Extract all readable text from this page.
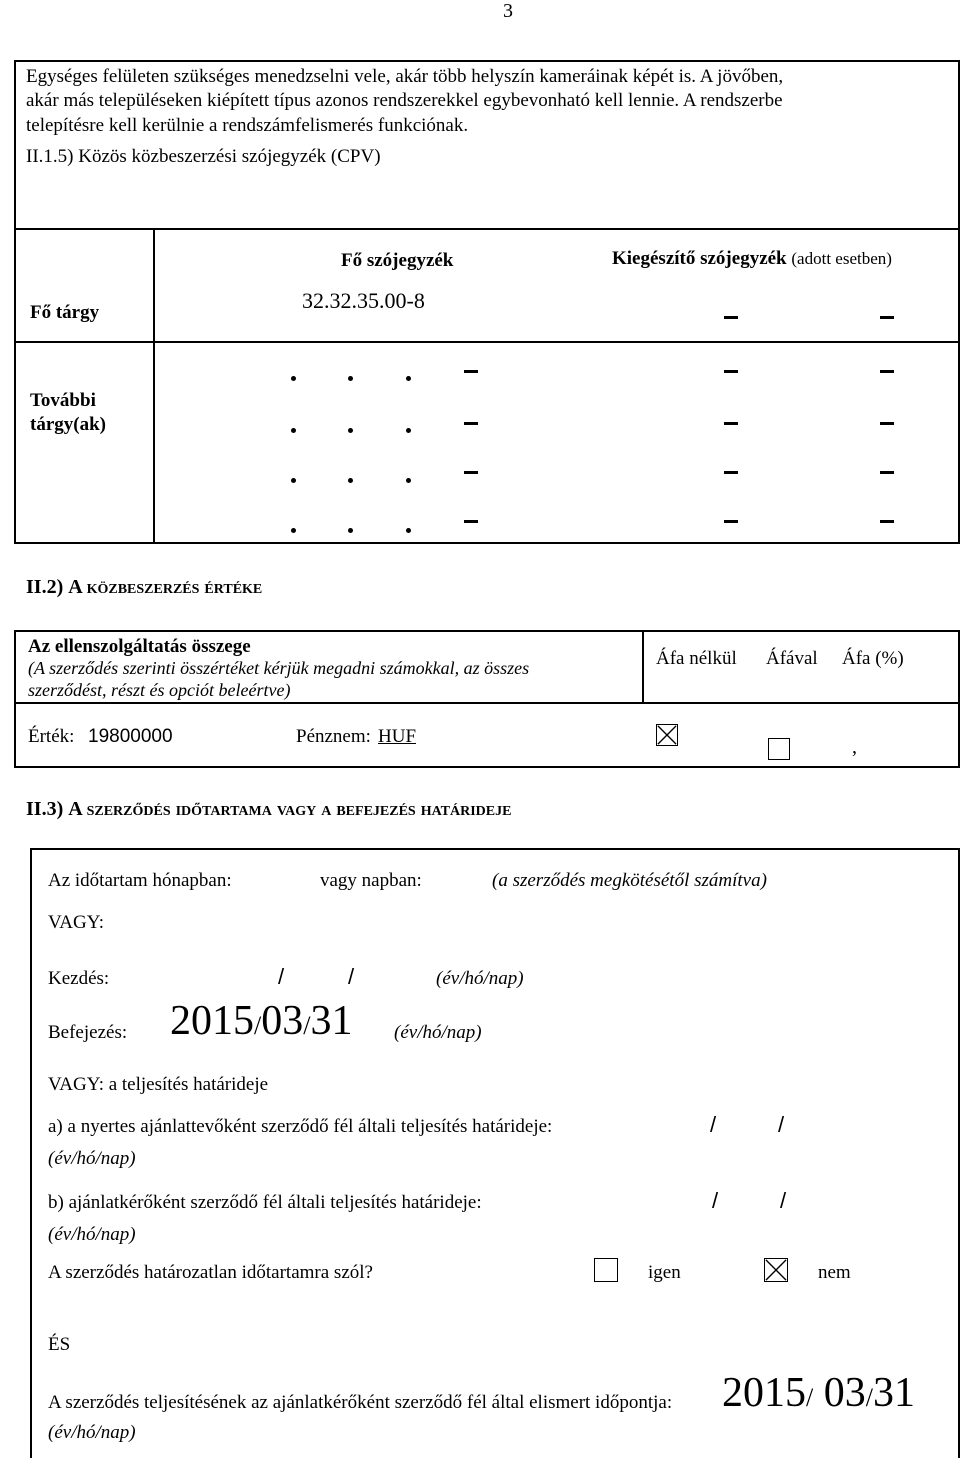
3
Egységes felületen szükséges menedzselni vele, akár több helyszín kameráinak képét is. A jövőben,
akár más településeken kiépített típus azonos rendszerekkel egybevonható kell lennie. A rendszerbe
telepítésre kell kerülnie a rendszámfelismerés funkciónak.
II.1.5) Közös közbeszerzési szójegyzék (CPV)
Fő szójegyzék	Kiegészítő szójegyzék (adott esetben)
Fő tárgy	32.32.35.00-8
További
tárgy(ak)
II.2) A közbeszerzés értéke
Az ellenszolgáltatás összege
(A szerződés szerinti összértéket kérjük megadni számokkal, az összes
szerződést, részt és opciót beleértve)
Áfa nélkül Áfával Áfa (%)
Érték: 19800000	Pénznem: HUF	,
II.3) A szerződés időtartama vagy a befejezés határideje
Az időtartam hónapban:	vagy napban:	(a szerződés megkötésétől számítva)
VAGY:
Kezdés:	/	/	(év/hó/nap)
Befejezés: 2015/03/31 (év/hó/nap)
VAGY: a teljesítés határideje
a) a nyertes ajánlattevőként szerződő fél általi teljesítés határideje:	/	/
(év/hó/nap)
b) ajánlatkérőként szerződő fél általi teljesítés határideje:	/	/
(év/hó/nap)
A szerződés határozatlan időtartamra szól?	igen	nem
ÉS
A szerződés teljesítésének az ajánlatkérőként szerződő fél által elismert időpontja: 2015/ 03/31
(év/hó/nap)
